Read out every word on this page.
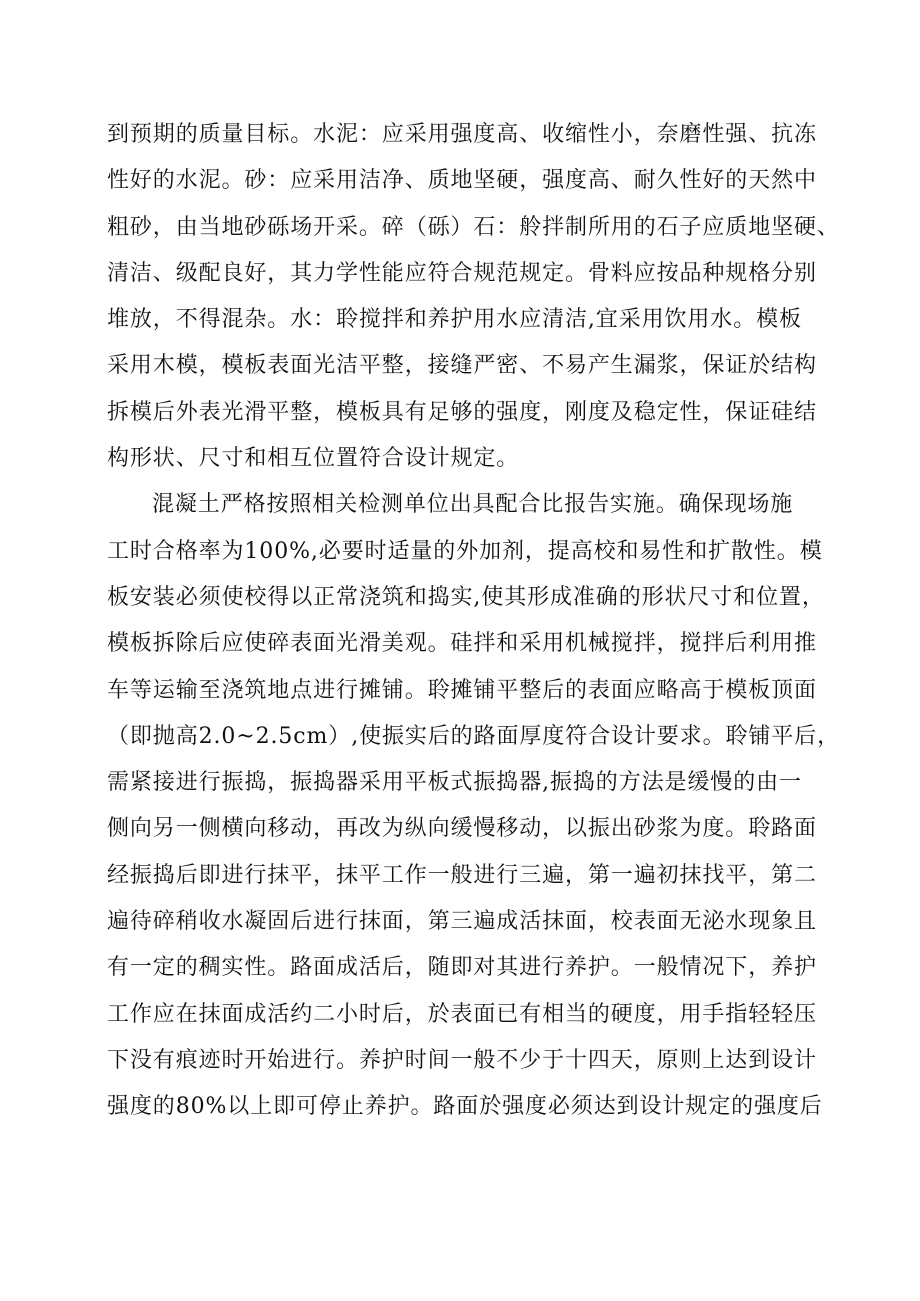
到预期的质量目标。水泥：应采用强度高、收缩性小，奈磨性强、抗冻
性好的水泥。砂：应采用洁净、质地坚硬，强度高、耐久性好的天然中
粗砂，由当地砂砾场开采。碎（砾）石：舲拌制所用的石子应质地坚硬、
清洁、级配良好，其力学性能应符合规范规定。骨料应按品种规格分别
堆放，不得混杂。水：聆搅拌和养护用水应清洁,宜采用饮用水。模板
采用木模，模板表面光洁平整，接缝严密、不易产生漏浆，保证於结构
拆模后外表光滑平整，模板具有足够的强度，刚度及稳定性，保证硅结
构形状、尺寸和相互位置符合设计规定。
混凝土严格按照相关检测单位出具配合比报告实施。确保现场施
工时合格率为100%,必要时适量的外加剂，提高校和易性和扩散性。模
板安装必须使校得以正常浇筑和捣实,使其形成准确的形状尺寸和位置，
模板拆除后应使碎表面光滑美观。硅拌和采用机械搅拌，搅拌后利用推
车等运输至浇筑地点进行摊铺。聆摊铺平整后的表面应略高于模板顶面
（即抛高2.0~2.5cm）,使振实后的路面厚度符合设计要求。聆铺平后，
需紧接进行振捣，振捣器采用平板式振捣器,振捣的方法是缓慢的由一
侧向另一侧横向移动，再改为纵向缓慢移动，以振出砂浆为度。聆路面
经振捣后即进行抹平，抹平工作一般进行三遍，第一遍初抹找平，第二
遍待碎稍收水凝固后进行抹面，第三遍成活抹面，校表面无泌水现象且
有一定的稠实性。路面成活后，随即对其进行养护。一般情况下，养护
工作应在抹面成活约二小时后，於表面已有相当的硬度，用手指轻轻压
下没有痕迹时开始进行。养护时间一般不少于十四天，原则上达到设计
强度的80%以上即可停止养护。路面於强度必须达到设计规定的强度后
